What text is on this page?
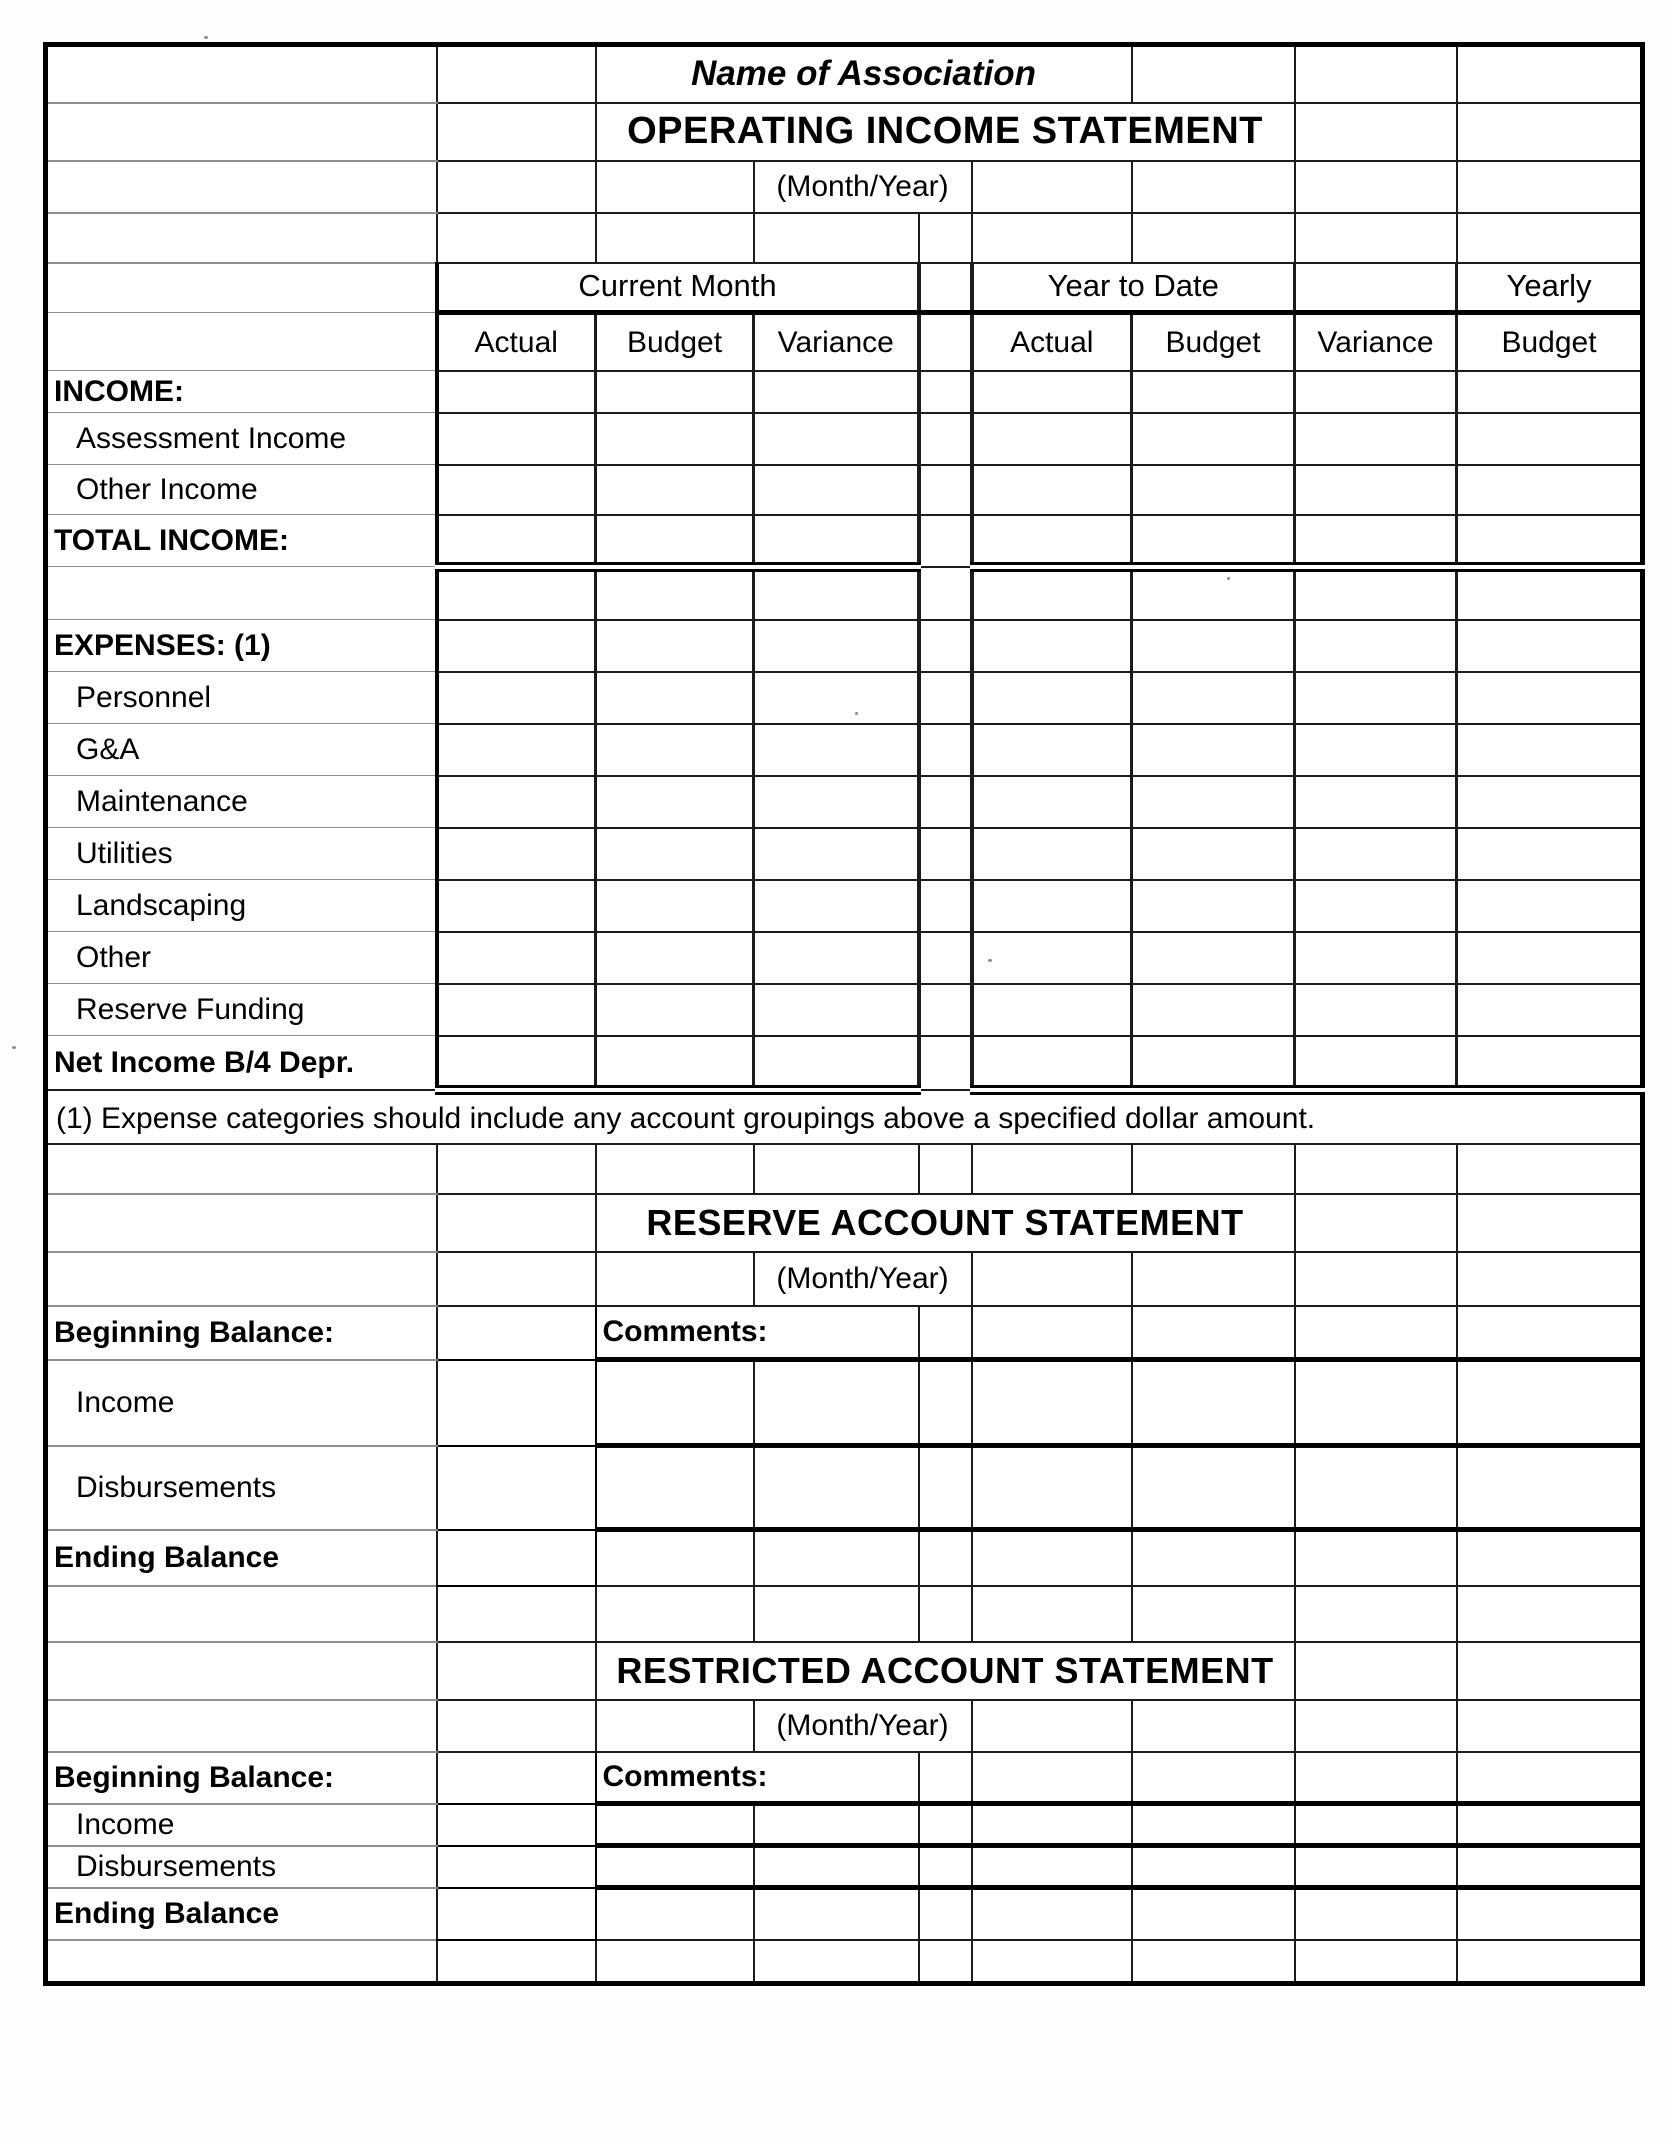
		Name of Association						
		OPERATING INCOME STATEMENT						
			(Month/Year)					

	Current Month				Year to Date			Yearly
	Actual	Budget	Variance		Actual	Budget	Variance	Budget
INCOME:								
Assessment Income								
Other Income								
TOTAL INCOME:								

EXPENSES: (1)								
Personnel								
G&A								
Maintenance								
Utilities								
Landscaping								
Other								
Reserve Funding								
Net Income B/4 Depr.								
(1) Expense categories should include any account groupings above a specified dollar amount.								

		RESERVE ACCOUNT STATEMENT						
			(Month/Year)					
Beginning Balance:		Comments:						
Income								
Disbursements								
Ending Balance								

		RESTRICTED ACCOUNT STATEMENT						
			(Month/Year)					
Beginning Balance:		Comments:						
Income								
Disbursements								
Ending Balance								
